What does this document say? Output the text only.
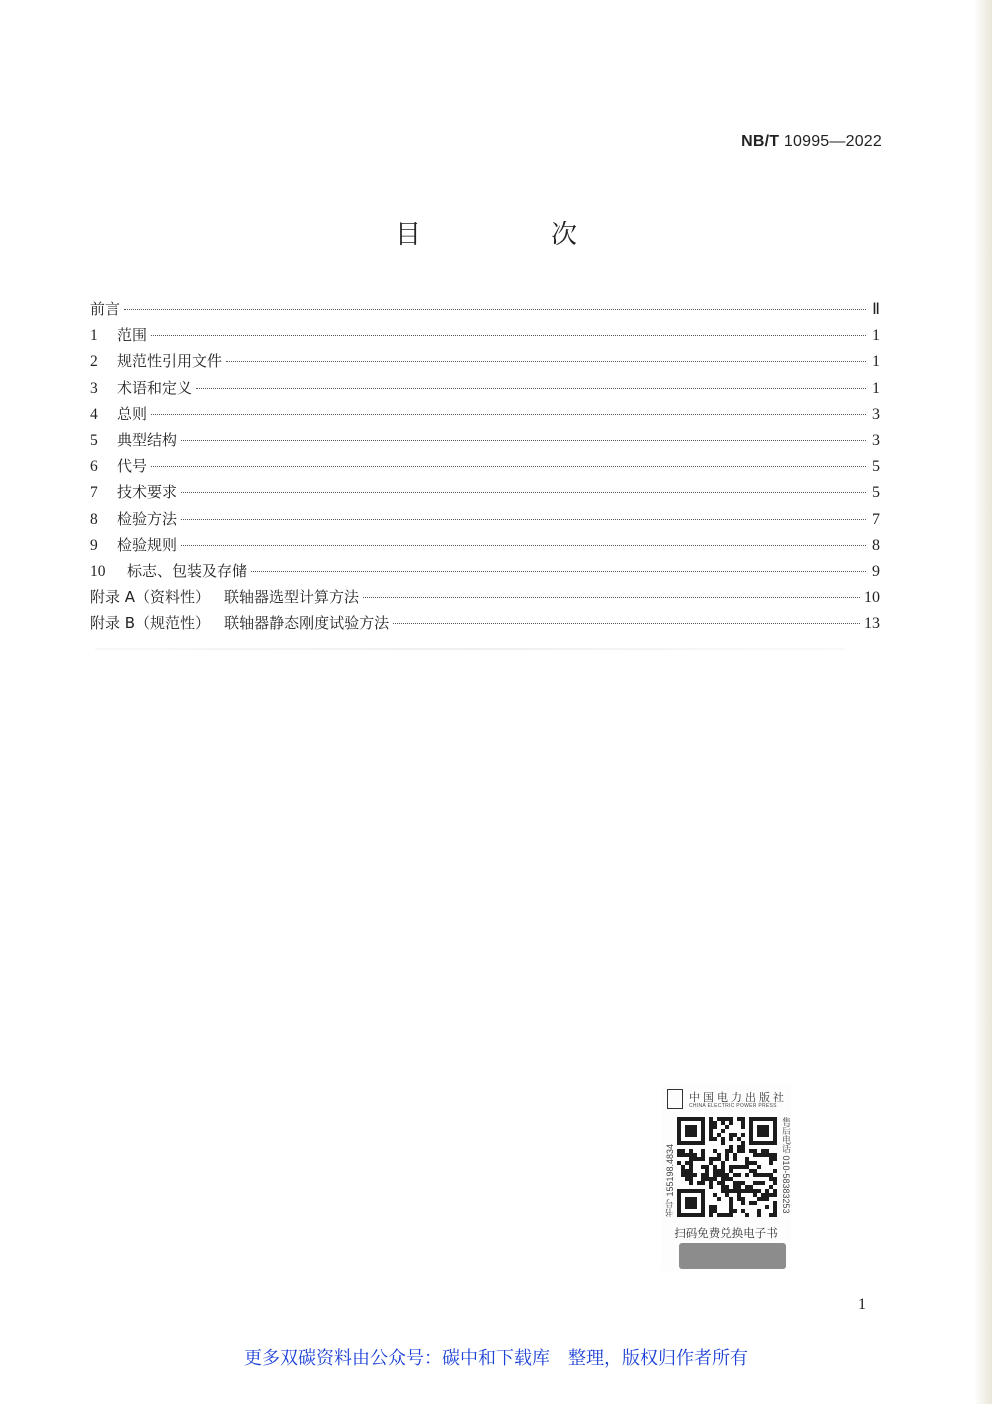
NB/T 10995—2022
目　次
前言	Ⅱ
1	范围	1
2	规范性引用文件	1
3	术语和定义	1
4	总则	3
5	典型结构	3
6	代号	5
7	技术要求	5
8	检验方法	7
9	检验规则	8
10	标志、包装及存储	9
附录 A（资料性） 联轴器选型计算方法	10
附录 B（规范性） 联轴器静态刚度试验方法	13
中国电力出版社
CHINA ELECTRIC POWER PRESS
书号 155198.4834	售后电话 010-58383253
扫码免费兑换电子书
1
更多双碳资料由公众号：碳中和下载库　整理，版权归作者所有
